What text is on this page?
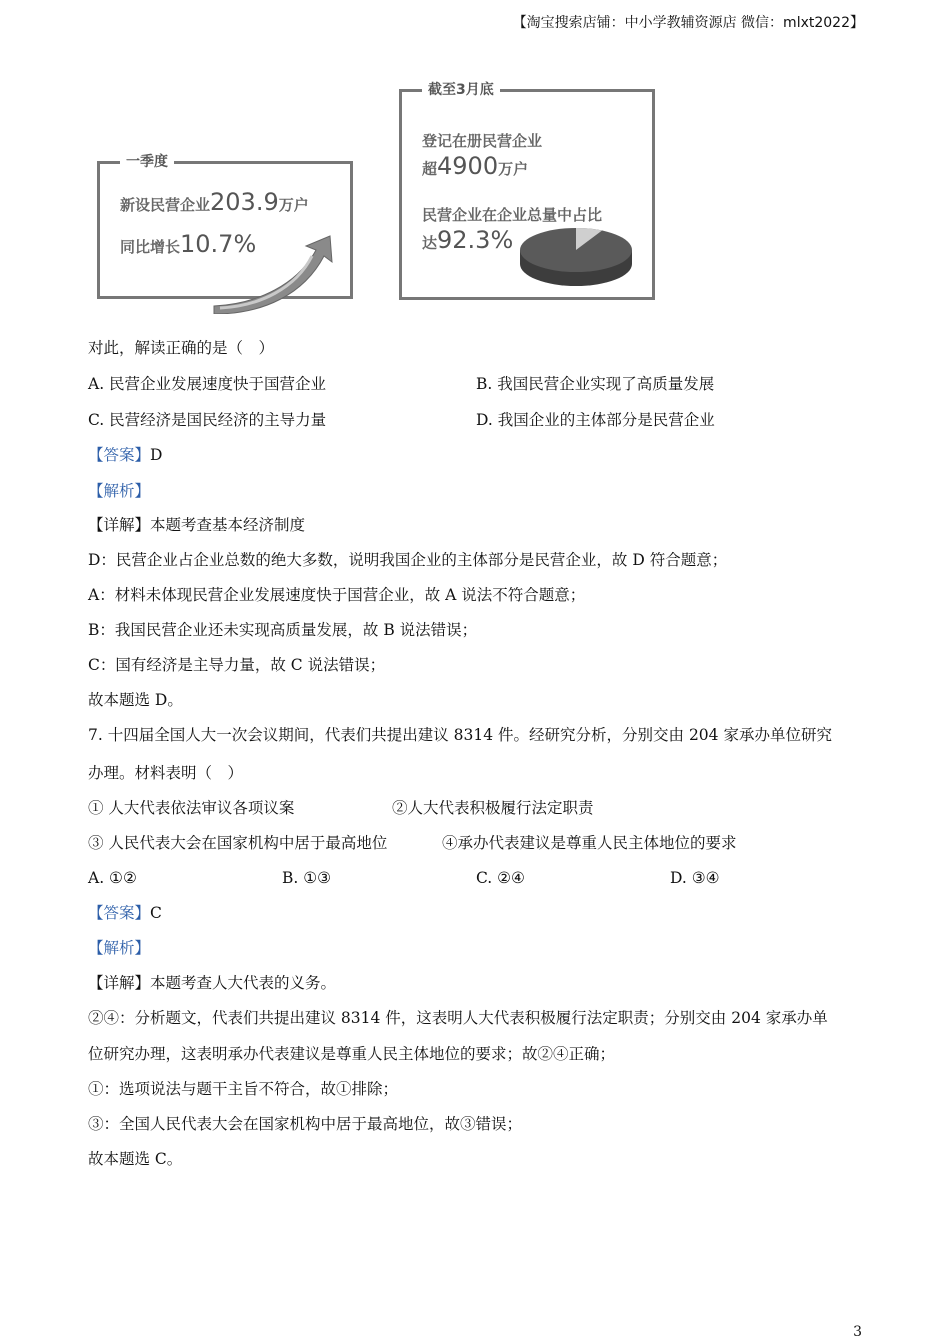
【淘宝搜索店铺：中小学教辅资源店 微信：mlxt2022】
一季度
新设民营企业203.9万户
同比增长10.7%
截至3月底
登记在册民营企业
超4900万户
民营企业在企业总量中占比
达92.3%
对此，解读正确的是（　）
A. 民营企业发展速度快于国营企业	B. 我国民营企业实现了高质量发展
C. 民营经济是国民经济的主导力量	D. 我国企业的主体部分是民营企业
【答案】D
【解析】
【详解】本题考查基本经济制度
D：民营企业占企业总数的绝大多数，说明我国企业的主体部分是民营企业，故 D 符合题意；
A：材料未体现民营企业发展速度快于国营企业，故 A 说法不符合题意；
B：我国民营企业还未实现高质量发展，故 B 说法错误；
C：国有经济是主导力量，故 C 说法错误；
故本题选 D。
7. 十四届全国人大一次会议期间，代表们共提出建议 8314 件。经研究分析，分别交由 204 家承办单位研究
办理。材料表明（　）
① 人大代表依法审议各项议案	②人大代表积极履行法定职责
③ 人民代表大会在国家机构中居于最高地位	④承办代表建议是尊重人民主体地位的要求
A. ①②	B. ①③	C. ②④	D. ③④
【答案】C
【解析】
【详解】本题考查人大代表的义务。
②④：分析题文，代表们共提出建议 8314 件，这表明人大代表积极履行法定职责；分别交由 204 家承办单
位研究办理，这表明承办代表建议是尊重人民主体地位的要求；故②④正确；
①：选项说法与题干主旨不符合，故①排除；
③：全国人民代表大会在国家机构中居于最高地位，故③错误；
故本题选 C。
3
